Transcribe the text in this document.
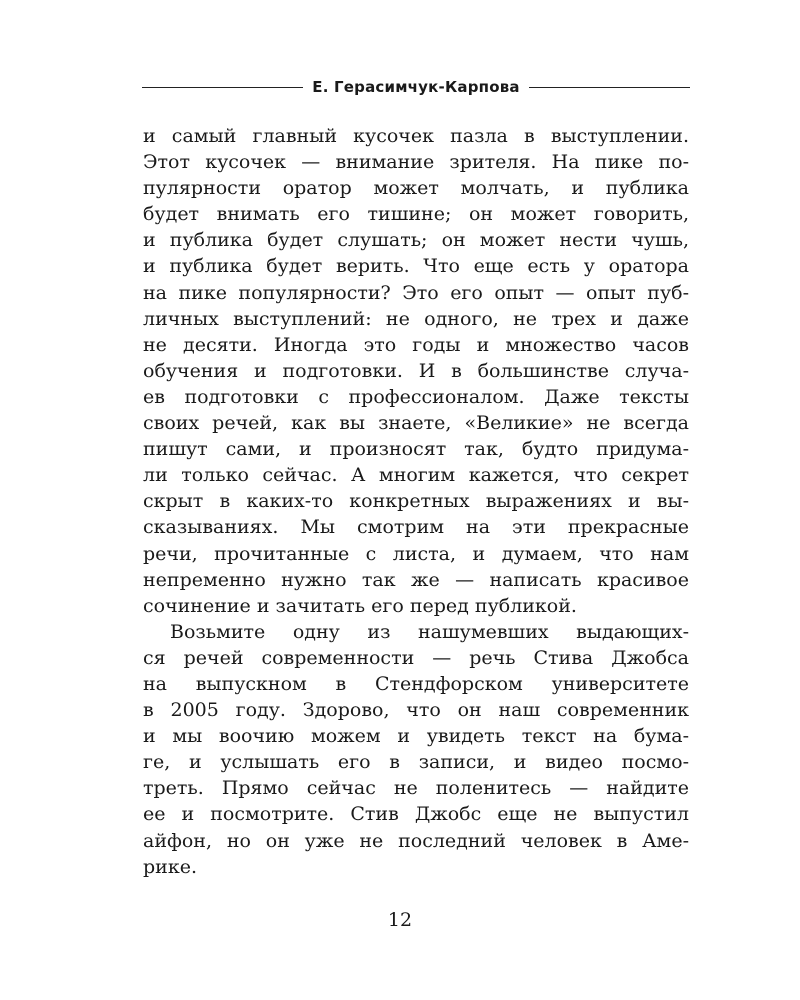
Е. Герасимчук-Карпова
и самый главный кусочек пазла в выступлении.
Этот кусочек — внимание зрителя. На пике по-
пулярности оратор может молчать, и публика
будет внимать его тишине; он может говорить,
и публика будет слушать; он может нести чушь,
и публика будет верить. Что еще есть у оратора
на пике популярности? Это его опыт — опыт пуб-
личных выступлений: не одного, не трех и даже
не десяти. Иногда это годы и множество часов
обучения и подготовки. И в большинстве случа-
ев подготовки с профессионалом. Даже тексты
своих речей, как вы знаете, «Великие» не всегда
пишут сами, и произносят так, будто придума-
ли только сейчас. А многим кажется, что секрет
скрыт в каких-то конкретных выражениях и вы-
сказываниях. Мы смотрим на эти прекрасные
речи, прочитанные с листа, и думаем, что нам
непременно нужно так же — написать красивое
сочинение и зачитать его перед публикой.
Возьмите одну из нашумевших выдающих-
ся речей современности — речь Стива Джобса
на выпускном в Стендфорском университете
в 2005 году. Здорово, что он наш современник
и мы воочию можем и увидеть текст на бума-
ге, и услышать его в записи, и видео посмо-
треть. Прямо сейчас не поленитесь — найдите
ее и посмотрите. Стив Джобс еще не выпустил
айфон, но он уже не последний человек в Аме-
рике.
12
